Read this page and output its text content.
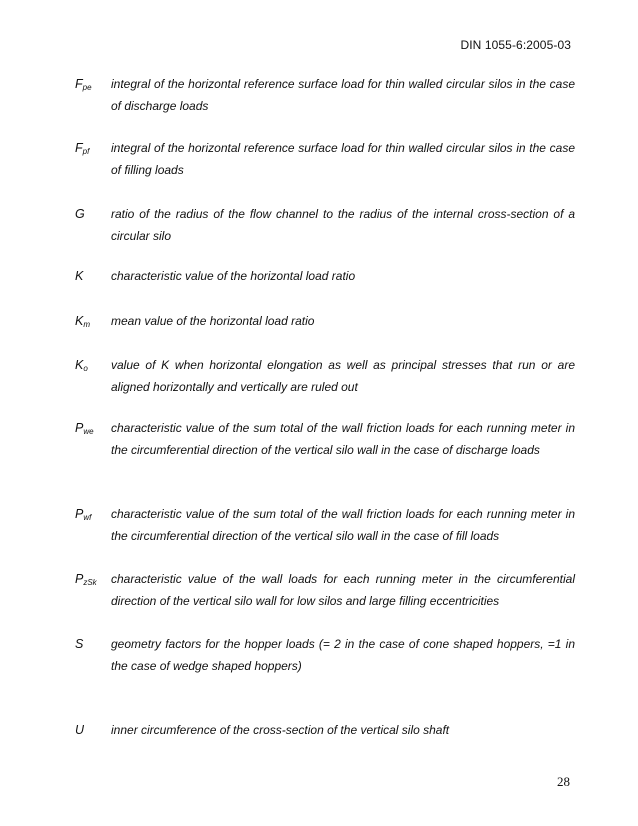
DIN 1055-6:2005-03
$F_{pe}$ integral of the horizontal reference surface load for thin walled circular silos in the case of discharge loads
$F_{pf}$ integral of the horizontal reference surface load for thin walled circular silos in the case of filling loads
G ratio of the radius of the flow channel to the radius of the internal cross-section of a circular silo
K characteristic value of the horizontal load ratio
$K_m$ mean value of the horizontal load ratio
$K_o$ value of K when horizontal elongation as well as principal stresses that run or are aligned horizontally and vertically are ruled out
$P_{we}$ characteristic value of the sum total of the wall friction loads for each running meter in the circumferential direction of the vertical silo wall in the case of discharge loads
$P_{wf}$ characteristic value of the sum total of the wall friction loads for each running meter in the circumferential direction of the vertical silo wall in the case of fill loads
$P_{zSk}$ characteristic value of the wall loads for each running meter in the circumferential direction of the vertical silo wall for low silos and large filling eccentricities
S geometry factors for the hopper loads (= 2 in the case of cone shaped hoppers, =1 in the case of wedge shaped hoppers)
U inner circumference of the cross-section of the vertical silo shaft
28
